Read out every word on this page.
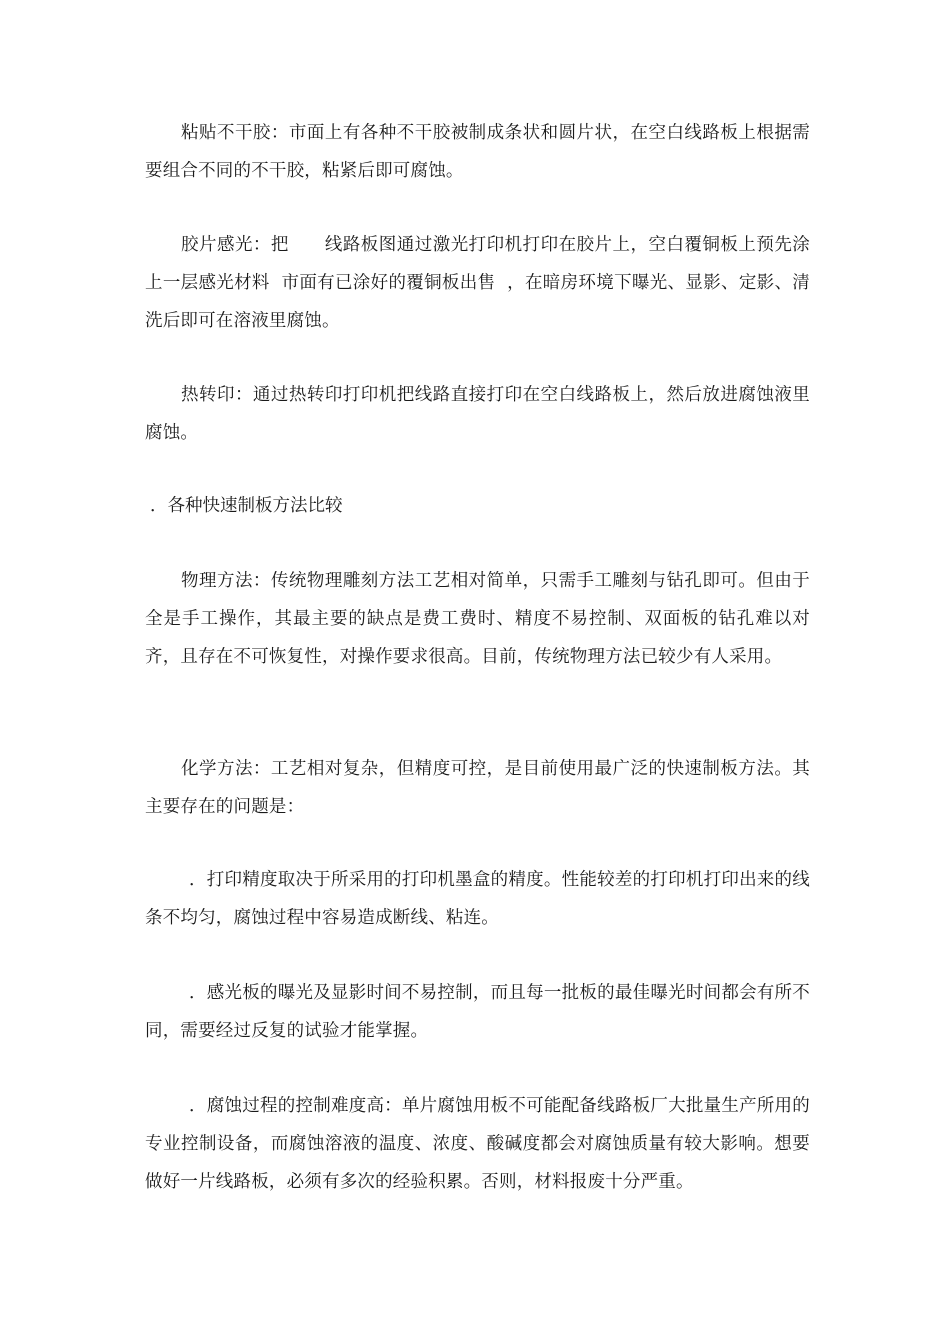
粘贴不干胶：市面上有各种不干胶被制成条状和圆片状，在空白线路板上根据需要组合不同的不干胶，粘紧后即可腐蚀。

胶片感光：把　　线路板图通过激光打印机打印在胶片上，空白覆铜板上预先涂上一层感光材料  市面有已涂好的覆铜板出售  ，在暗房环境下曝光、显影、定影、清洗后即可在溶液里腐蚀。

热转印：通过热转印打印机把线路直接打印在空白线路板上，然后放进腐蚀液里腐蚀。

．各种快速制板方法比较

物理方法：传统物理雕刻方法工艺相对简单，只需手工雕刻与钻孔即可。但由于全是手工操作，其最主要的缺点是费工费时、精度不易控制、双面板的钻孔难以对齐，且存在不可恢复性，对操作要求很高。目前，传统物理方法已较少有人采用。

化学方法：工艺相对复杂，但精度可控，是目前使用最广泛的快速制板方法。其主要存在的问题是：

．打印精度取决于所采用的打印机墨盒的精度。性能较差的打印机打印出来的线条不均匀，腐蚀过程中容易造成断线、粘连。

．感光板的曝光及显影时间不易控制，而且每一批板的最佳曝光时间都会有所不同，需要经过反复的试验才能掌握。

．腐蚀过程的控制难度高：单片腐蚀用板不可能配备线路板厂大批量生产所用的专业控制设备，而腐蚀溶液的温度、浓度、酸碱度都会对腐蚀质量有较大影响。想要做好一片线路板，必须有多次的经验积累。否则，材料报废十分严重。
